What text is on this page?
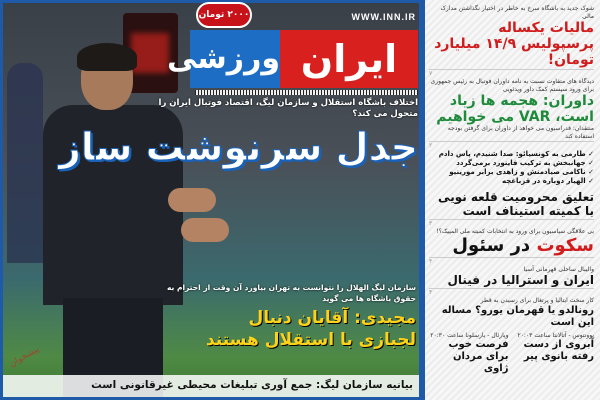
شوک جدید به باشگاه سرخ به خاطر در اختیار نگذاشتن مدارک مالی
مالیات یکساله پرسپولیس ۱۴/۹ میلیارد تومان!
۷
دیدگاه های متفاوت نسبت به نامه داوران فوتبال به رئیس جمهوری برای ورود سیستم کمک داور ویدئویی
داوران: هجمه ها زیاد است، VAR می خواهیم
منتقدان: فدراسیون می خواهد از داوران برای گرفتن بودجه استفاده کند
۲
✓ طارمی به کونسیائو: صدا شنیدم، پاس دادم
✓ جهانبخش به ترکیب فاینورد برمی‌گردد
✓ ناکامی صیادمنش و زاهدی برابر مورینیو
✓ الهیار دوباره در قزباغچه
تعلیق محرومیت قلعه نویی با کمیته استیناف است
۳
بی علاقگی سیاسیون برای ورود به انتخابات کمیته ملی المپیک؟!
سکوت در سئول
۴
والیبال ساحلی قهرمانی آسیا
ایران و استرالیا در فینال
۴
کار سخت ایتالیا و پرتغال برای رسیدن به قطر
رونالدو یا قهرمان یورو؟ مساله این است
یوونتوس - آتالانتا ساعت ۲۰:۰۳
آبروی از دست رفته بانوی پیر
ویارئال - بارسلونا ساعت ۲۰:۳۰
فرصت خوب برای مردان ژاوی
WWW.INN.IR
ورزشی ایران
۲۰۰۰ تومان
اختلاف باشگاه استقلال و سازمان لیگ، اقتصاد فوتبال ایران را متحول می کند؟
جدل سرنوشت ساز
سازمان لیگ الهلال را نتوانست به تهران بیاورد آن وقت از احترام به حقوق باشگاه ها می گوید
مجیدی: آقایان دنبال
لجبازی با استقلال هستند
پیشخوان
بیانیه سازمان لیگ: جمع آوری تبلیغات محیطی غیرقانونی است
